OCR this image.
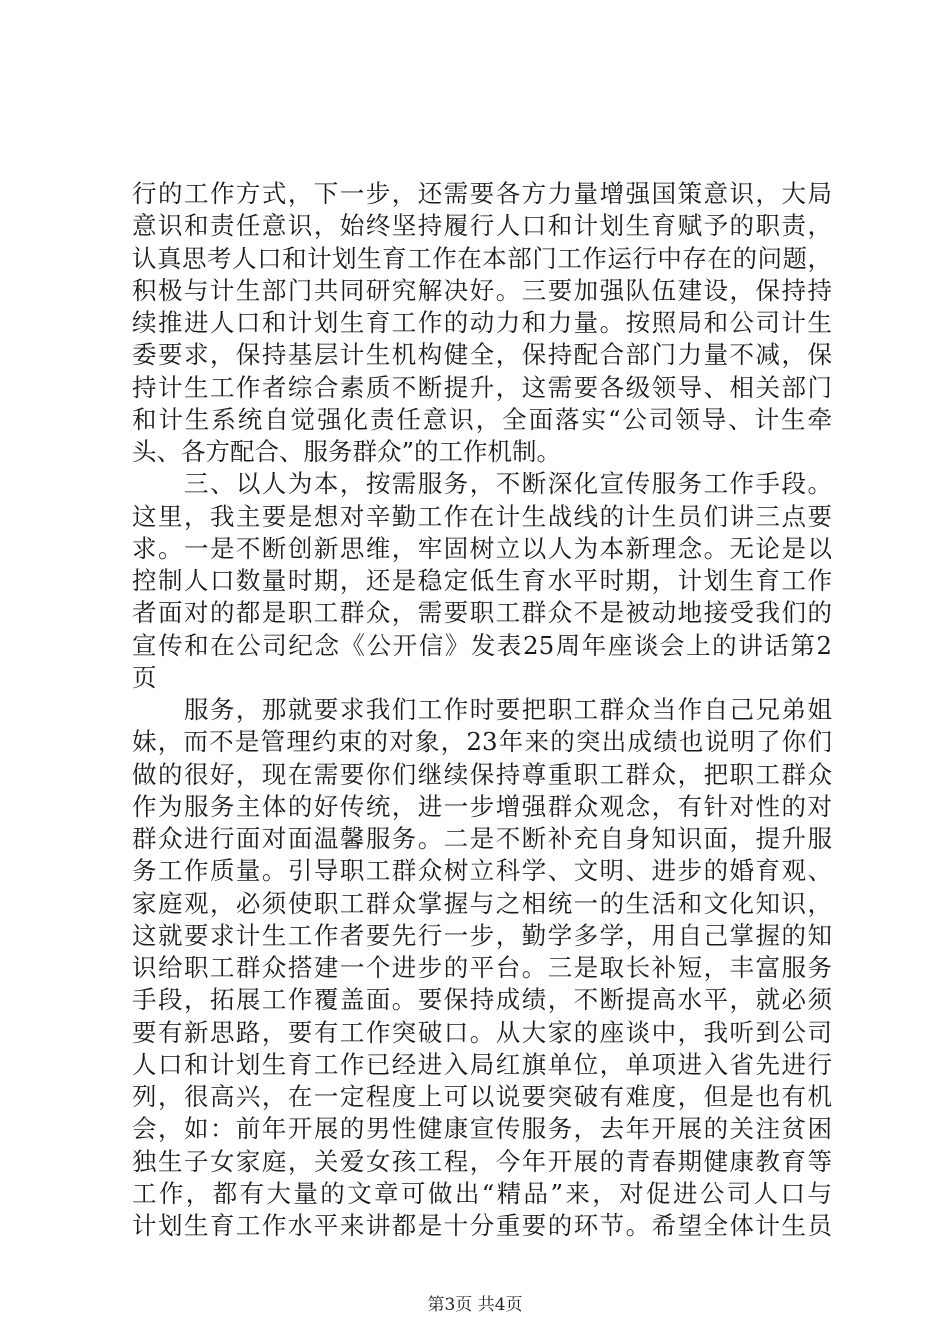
行的工作方式，下一步，还需要各方力量增强国策意识，大局
意识和责任意识，始终坚持履行人口和计划生育赋予的职责，
认真思考人口和计划生育工作在本部门工作运行中存在的问题，
积极与计生部门共同研究解决好。三要加强队伍建设，保持持
续推进人口和计划生育工作的动力和力量。按照局和公司计生
委要求，保持基层计生机构健全，保持配合部门力量不减，保
持计生工作者综合素质不断提升，这需要各级领导、相关部门
和计生系统自觉强化责任意识，全面落实“公司领导、计生牵
头、各方配合、服务群众”的工作机制。
　　三、以人为本，按需服务，不断深化宣传服务工作手段。
这里，我主要是想对辛勤工作在计生战线的计生员们讲三点要
求。一是不断创新思维，牢固树立以人为本新理念。无论是以
控制人口数量时期，还是稳定低生育水平时期，计划生育工作
者面对的都是职工群众，需要职工群众不是被动地接受我们的
宣传和在公司纪念《公开信》发表25周年座谈会上的讲话第2
页
　　服务，那就要求我们工作时要把职工群众当作自己兄弟姐
妹，而不是管理约束的对象，23年来的突出成绩也说明了你们
做的很好，现在需要你们继续保持尊重职工群众，把职工群众
作为服务主体的好传统，进一步增强群众观念，有针对性的对
群众进行面对面温馨服务。二是不断补充自身知识面，提升服
务工作质量。引导职工群众树立科学、文明、进步的婚育观、
家庭观，必须使职工群众掌握与之相统一的生活和文化知识，
这就要求计生工作者要先行一步，勤学多学，用自己掌握的知
识给职工群众搭建一个进步的平台。三是取长补短，丰富服务
手段，拓展工作覆盖面。要保持成绩，不断提高水平，就必须
要有新思路，要有工作突破口。从大家的座谈中，我听到公司
人口和计划生育工作已经进入局红旗单位，单项进入省先进行
列，很高兴，在一定程度上可以说要突破有难度，但是也有机
会，如：前年开展的男性健康宣传服务，去年开展的关注贫困
独生子女家庭，关爱女孩工程，今年开展的青春期健康教育等
工作，都有大量的文章可做出“精品”来，对促进公司人口与
计划生育工作水平来讲都是十分重要的环节。希望全体计生员
第3页 共4页
